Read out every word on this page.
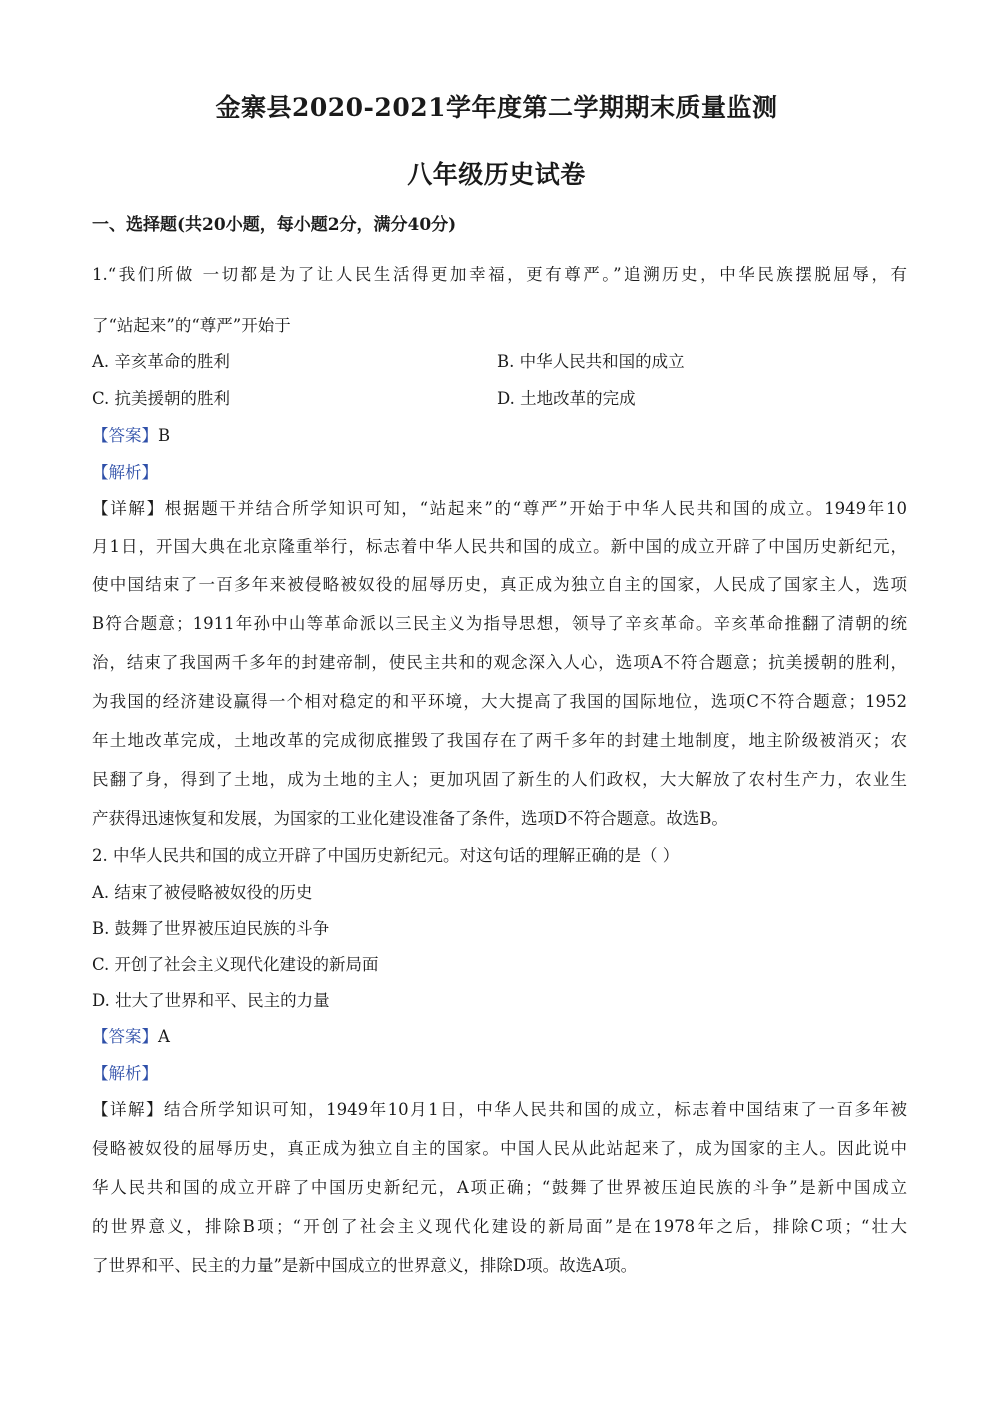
金寨县2020-2021学年度第二学期期末质量监测
八年级历史试卷
一、选择题(共20小题，每小题2分，满分40分)
1.“我们所做 一切都是为了让人民生活得更加幸福，更有尊严。”追溯历史，中华民族摆脱屈辱，有
了“站起来”的“尊严”开始于
A. 辛亥革命的胜利	B. 中华人民共和国的成立
C. 抗美援朝的胜利	D. 土地改革的完成
【答案】B
【解析】
【详解】根据题干并结合所学知识可知，“站起来”的“尊严”开始于中华人民共和国的成立。1949年10
月1日，开国大典在北京隆重举行，标志着中华人民共和国的成立。新中国的成立开辟了中国历史新纪元，
使中国结束了一百多年来被侵略被奴役的屈辱历史，真正成为独立自主的国家，人民成了国家主人，选项
B符合题意；1911年孙中山等革命派以三民主义为指导思想，领导了辛亥革命。辛亥革命推翻了清朝的统
治，结束了我国两千多年的封建帝制，使民主共和的观念深入人心，选项A不符合题意；抗美援朝的胜利，
为我国的经济建设赢得一个相对稳定的和平环境，大大提高了我国的国际地位，选项C不符合题意；1952
年土地改革完成，土地改革的完成彻底摧毁了我国存在了两千多年的封建土地制度，地主阶级被消灭；农
民翻了身，得到了土地，成为土地的主人；更加巩固了新生的人们政权，大大解放了农村生产力，农业生
产获得迅速恢复和发展，为国家的工业化建设准备了条件，选项D不符合题意。故选B。
2. 中华人民共和国的成立开辟了中国历史新纪元。对这句话的理解正确的是（ ）
A. 结束了被侵略被奴役的历史
B. 鼓舞了世界被压迫民族的斗争
C. 开创了社会主义现代化建设的新局面
D. 壮大了世界和平、民主的力量
【答案】A
【解析】
【详解】结合所学知识可知，1949年10月1日，中华人民共和国的成立，标志着中国结束了一百多年被
侵略被奴役的屈辱历史，真正成为独立自主的国家。中国人民从此站起来了，成为国家的主人。因此说中
华人民共和国的成立开辟了中国历史新纪元，A项正确；“鼓舞了世界被压迫民族的斗争”是新中国成立
的世界意义，排除B项；“开创了社会主义现代化建设的新局面”是在1978年之后，排除C项；“壮大
了世界和平、民主的力量”是新中国成立的世界意义，排除D项。故选A项。
